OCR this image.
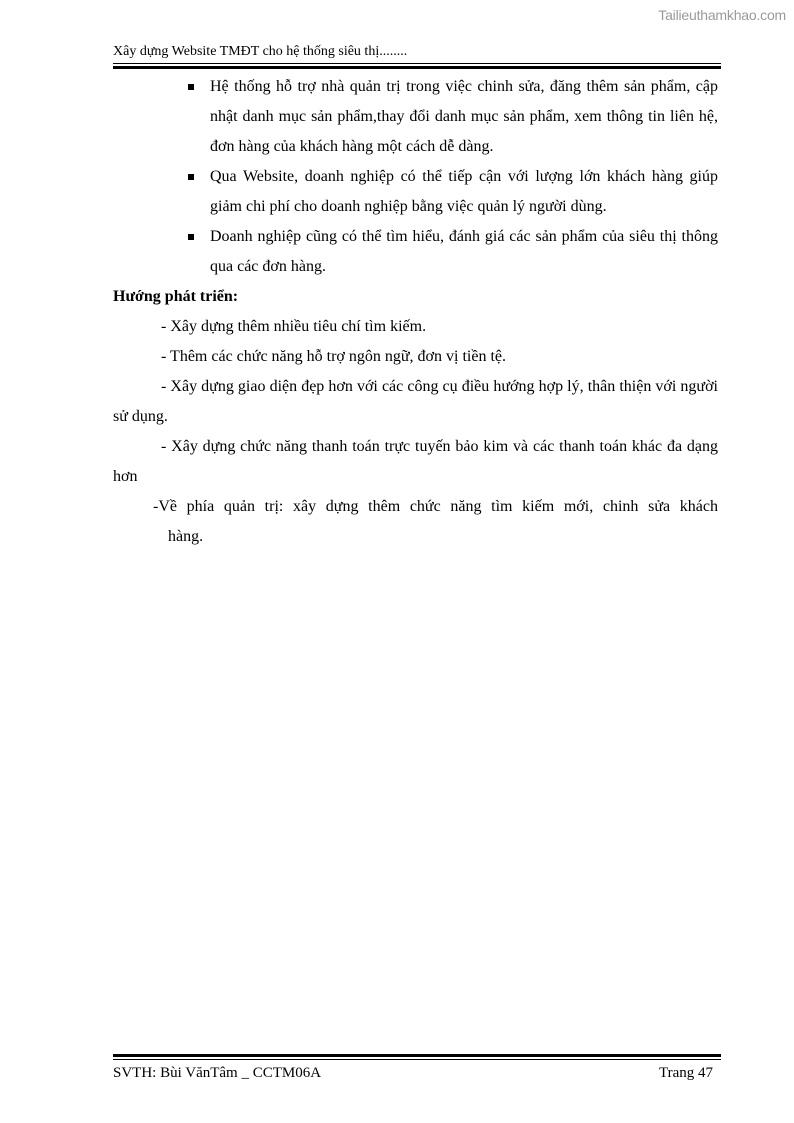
Tailieuthamkhao.com
Xây dựng Website TMĐT cho hệ thống siêu thị........
Hệ thống hỗ trợ nhà quản trị trong việc chinh sửa, đăng thêm sản phẩm, cập nhật danh mục sản phẩm,thay đổi danh mục sản phẩm, xem thông tin liên hệ, đơn hàng của khách hàng một cách dễ dàng.
Qua Website, doanh nghiệp có thể tiếp cận với lượng lớn khách hàng giúp giảm chi phí cho doanh nghiệp bằng việc quản lý người dùng.
Doanh nghiệp cũng có thể tìm hiểu, đánh giá các sản phẩm của siêu thị thông qua các đơn hàng.
Hướng phát triển:
- Xây dựng thêm nhiều tiêu chí tìm kiếm.
- Thêm các chức năng hỗ trợ ngôn ngữ, đơn vị tiền tệ.
- Xây dựng giao diện đẹp hơn với các công cụ điều hướng hợp lý, thân thiện với người sử dụng.
- Xây dựng chức năng thanh toán trực tuyến bảo kim và các thanh toán khác đa dạng hơn
-Về phía quản trị: xây dựng thêm chức năng tìm kiếm mới, chinh sửa khách
hàng.
SVTH: Bùi VănTâm _ CCTM06A	Trang 47
